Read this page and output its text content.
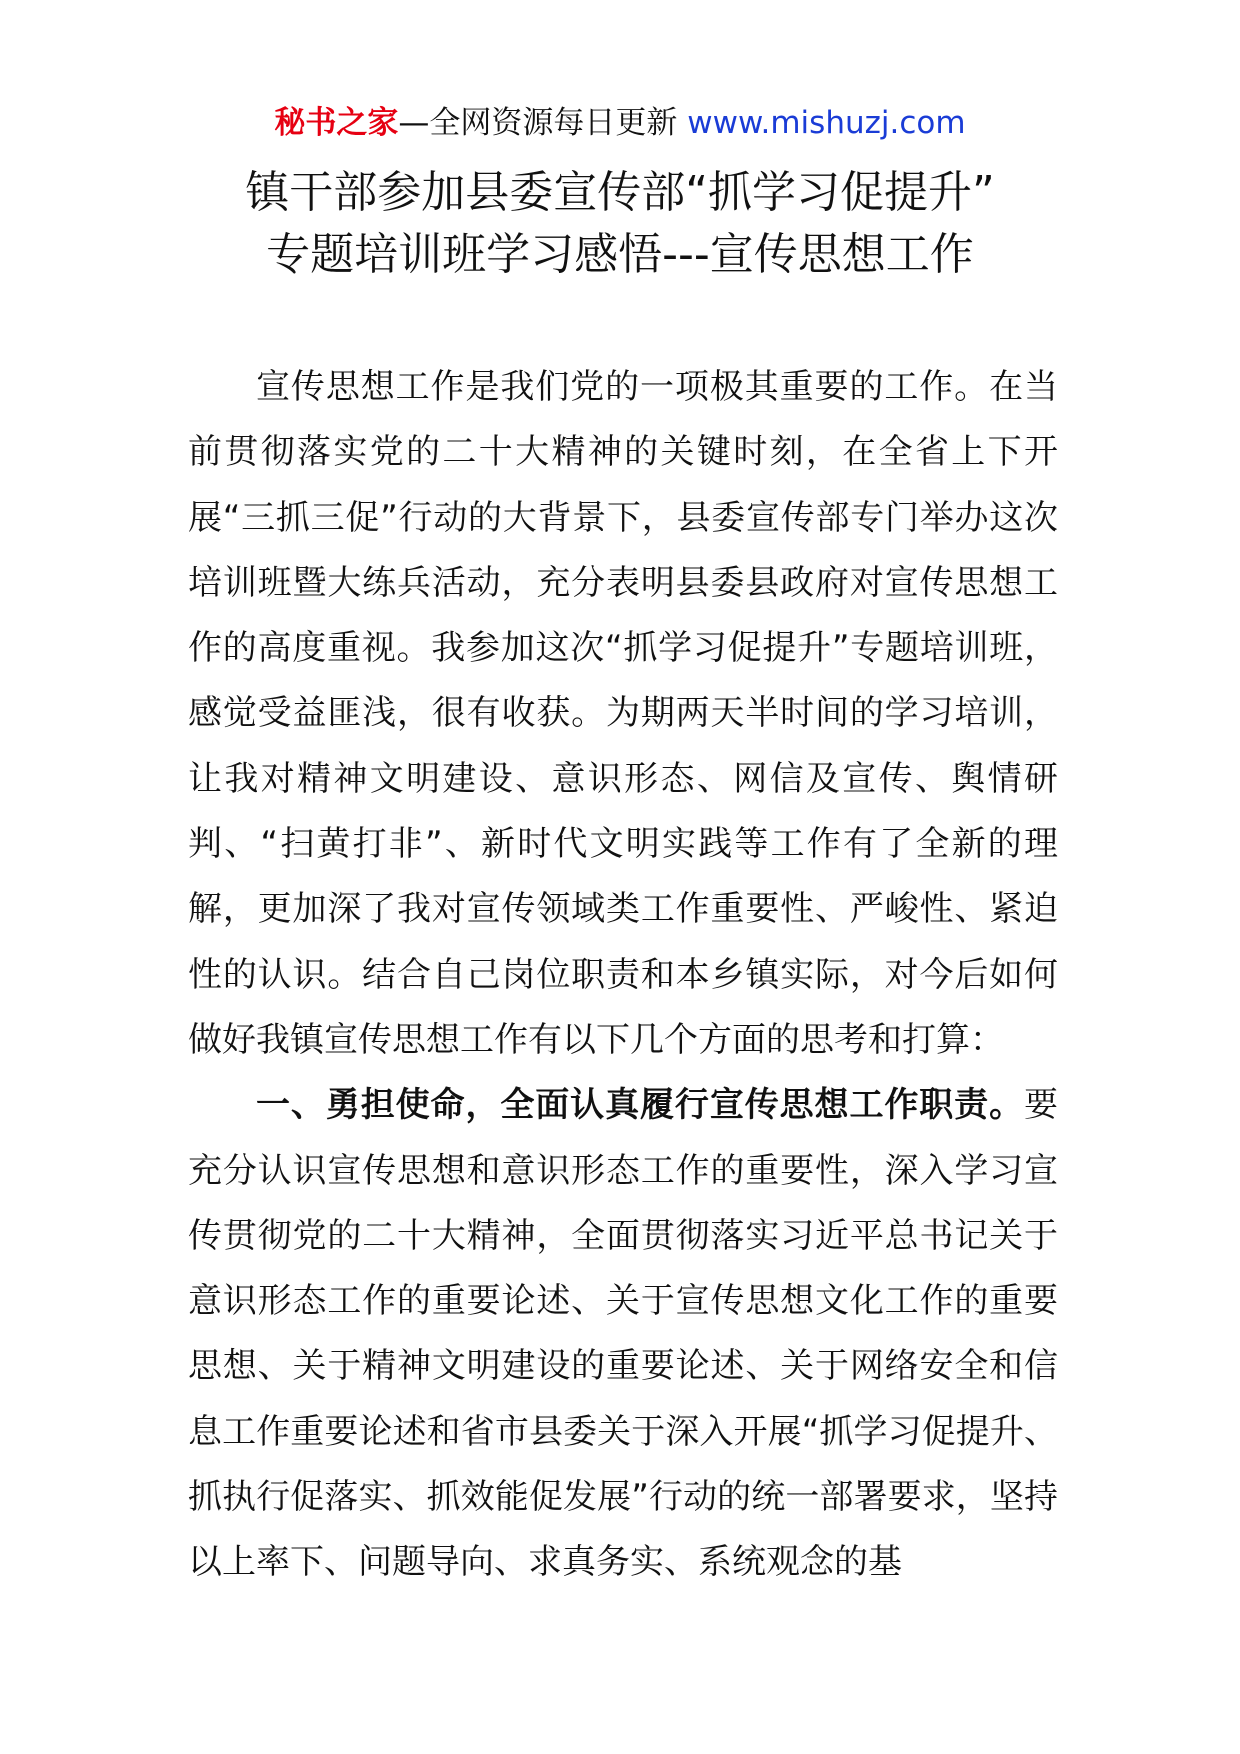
秘书之家—全网资源每日更新 www.mishuzj.com
镇干部参加县委宣传部“抓学习促提升”
专题培训班学习感悟---宣传思想工作

宣传思想工作是我们党的一项极其重要的工作。在当前贯彻落实党的二十大精神的关键时刻，在全省上下开展“三抓三促”行动的大背景下，县委宣传部专门举办这次培训班暨大练兵活动，充分表明县委县政府对宣传思想工作的高度重视。我参加这次“抓学习促提升”专题培训班，感觉受益匪浅，很有收获。为期两天半时间的学习培训，让我对精神文明建设、意识形态、网信及宣传、舆情研判、“扫黄打非”、新时代文明实践等工作有了全新的理解，更加深了我对宣传领域类工作重要性、严峻性、紧迫性的认识。结合自己岗位职责和本乡镇实际，对今后如何做好我镇宣传思想工作有以下几个方面的思考和打算：

一、勇担使命，全面认真履行宣传思想工作职责。要充分认识宣传思想和意识形态工作的重要性，深入学习宣传贯彻党的二十大精神，全面贯彻落实习近平总书记关于意识形态工作的重要论述、关于宣传思想文化工作的重要思想、关于精神文明建设的重要论述、关于网络安全和信息工作重要论述和省市县委关于深入开展“抓学习促提升、抓执行促落实、抓效能促发展”行动的统一部署要求，坚持以上率下、问题导向、求真务实、系统观念的基
